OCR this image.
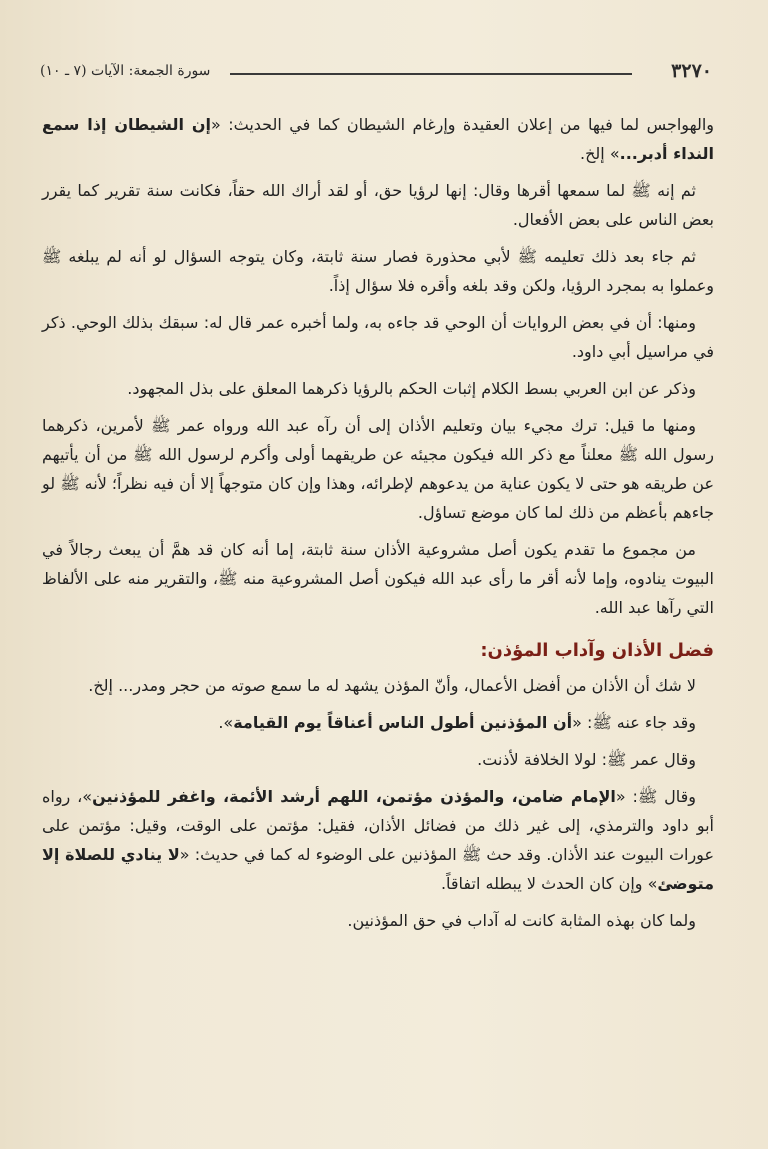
٣٢٧٠
سورة الجمعة: الآيات (٧ ـ ١٠)

والهواجس لما فيها من إعلان العقيدة وإرغام الشيطان كما في الحديث: «إن الشيطان إذا سمع النداء أدبر...» إلخ.

ثم إنه ﷺ لما سمعها أقرها وقال: إنها لرؤيا حق، أو لقد أراك الله حقاً، فكانت سنة تقرير كما يقرر بعض الناس على بعض الأفعال.

ثم جاء بعد ذلك تعليمه ﷺ لأبي محذورة فصار سنة ثابتة، وكان يتوجه السؤال لو أنه لم يبلغه ﷺ وعملوا به بمجرد الرؤيا، ولكن وقد بلغه وأقره فلا سؤال إذاً.

ومنها: أن في بعض الروايات أن الوحي قد جاءه به، ولما أخبره عمر قال له: سبقك بذلك الوحي. ذكر في مراسيل أبي داود.

وذكر عن ابن العربي بسط الكلام إثبات الحكم بالرؤيا ذكرهما المعلق على بذل المجهود.

ومنها ما قيل: ترك مجيء بيان وتعليم الأذان إلى أن رآه عبد الله ورواه عمر ﷺ لأمرين، ذكرهما رسول الله ﷺ معلناً مع ذكر الله فيكون مجيئه عن طريقهما أولى وأكرم لرسول الله ﷺ من أن يأتيهم عن طريقه هو حتى لا يكون عناية من يدعوهم لإطرائه، وهذا وإن كان متوجهاً إلا أن فيه نظراً؛ لأنه ﷺ لو جاءهم بأعظم من ذلك لما كان موضع تساؤل.

من مجموع ما تقدم يكون أصل مشروعية الأذان سنة ثابتة، إما أنه كان قد همَّ أن يبعث رجالاً في البيوت ينادوه، وإما لأنه أقر ما رأى عبد الله فيكون أصل المشروعية منه ﷺ، والتقرير منه على الألفاظ التي رآها عبد الله.

فضل الأذان وآداب المؤذن:

لا شك أن الأذان من أفضل الأعمال، وأنّ المؤذن يشهد له ما سمع صوته من حجر ومدر... إلخ.

وقد جاء عنه ﷺ: «أن المؤذنين أطول الناس أعناقاً يوم القيامة».

وقال عمر ﷺ: لولا الخلافة لأذنت.

وقال ﷺ: «الإمام ضامن، والمؤذن مؤتمن، اللهم أرشد الأئمة، واغفر للمؤذنين»، رواه أبو داود والترمذي، إلى غير ذلك من فضائل الأذان، فقيل: مؤتمن على الوقت، وقيل: مؤتمن على عورات البيوت عند الأذان. وقد حث ﷺ المؤذنين على الوضوء له كما في حديث: «لا ينادي للصلاة إلا متوضئ» وإن كان الحدث لا يبطله اتفاقاً.

ولما كان بهذه المثابة كانت له آداب في حق المؤذنين.
